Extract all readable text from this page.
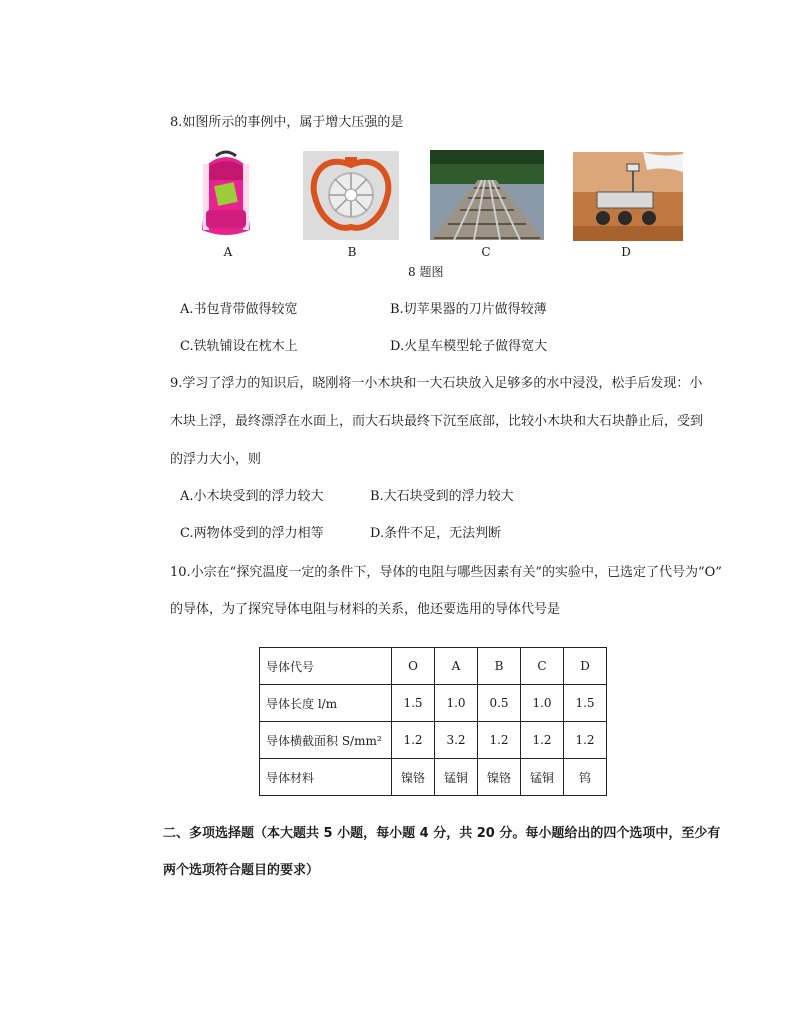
8.如图所示的事例中，属于增大压强的是
A	B	C	D
8 题图
A.书包背带做得较宽	B.切苹果器的刀片做得较薄
C.铁轨铺设在枕木上	D.火星车模型轮子做得宽大
9.学习了浮力的知识后，晓刚将一小木块和一大石块放入足够多的水中浸没，松手后发现：小
木块上浮，最终漂浮在水面上，而大石块最终下沉至底部，比较小木块和大石块静止后，受到
的浮力大小，则
A.小木块受到的浮力较大	B.大石块受到的浮力较大
C.两物体受到的浮力相等	D.条件不足，无法判断
10.小宗在“探究温度一定的条件下，导体的电阻与哪些因素有关”的实验中，已选定了代号为“O”
的导体，为了探究导体电阻与材料的关系，他还要选用的导体代号是
导体代号	O	A	B	C	D
导体长度 l/m	1.5	1.0	0.5	1.0	1.5
导体横截面积 S/mm²	1.2	3.2	1.2	1.2	1.2
导体材料	镍铬	锰铜	镍铬	锰铜	钨
二、多项选择题（本大题共 5 小题，每小题 4 分，共 20 分。每小题给出的四个选项中，至少有
两个选项符合题目的要求）
